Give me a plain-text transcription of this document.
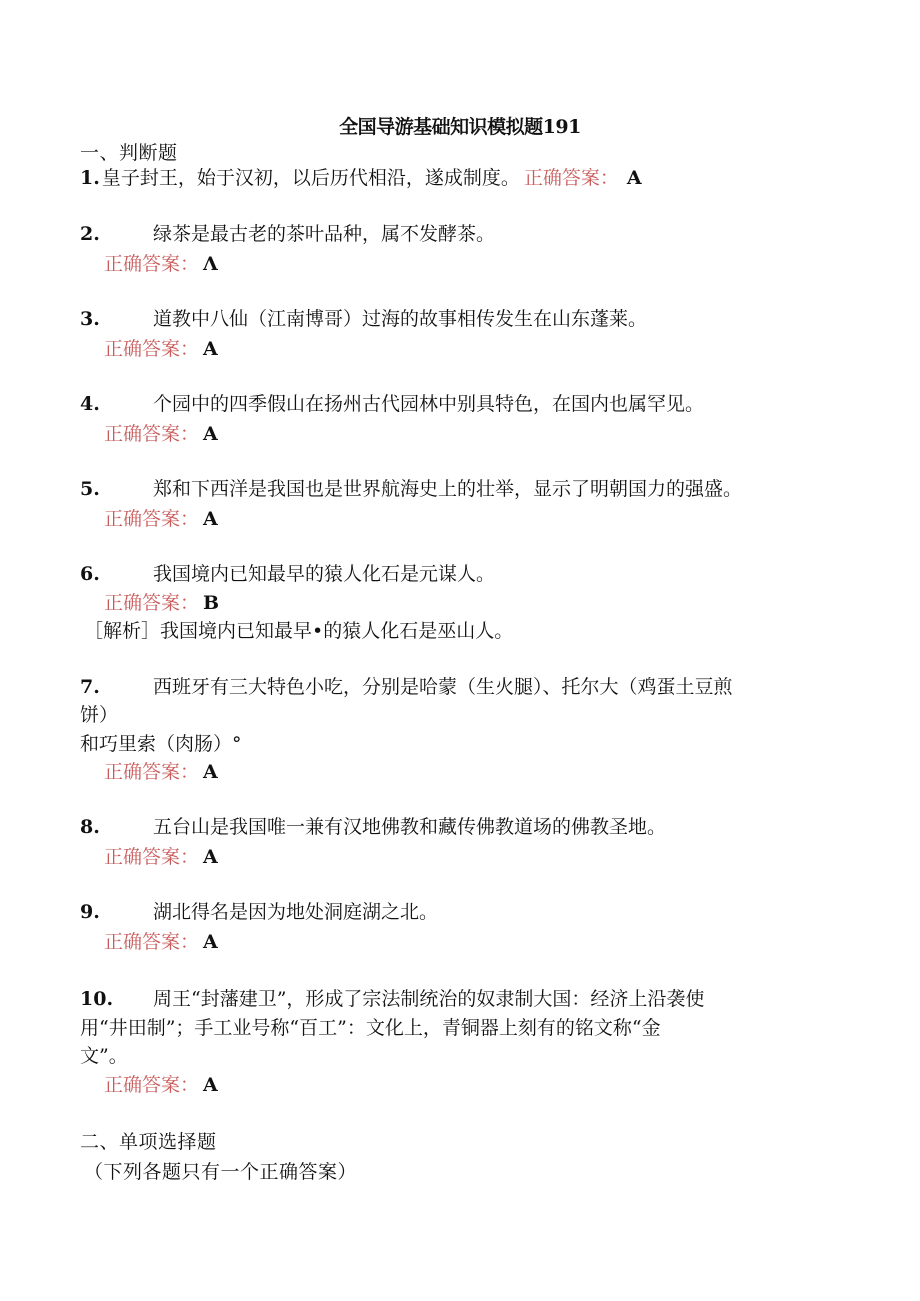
全国导游基础知识模拟题191
一、判断题
1. 皇子封王，始于汉初，以后历代相沿，遂成制度。 正确答案： A
2.	绿茶是最古老的茶叶品种，属不发酵茶。
正确答案： Λ
3.	道教中八仙（江南博哥）过海的故事相传发生在山东蓬莱。
正确答案： A
4.	个园中的四季假山在扬州古代园林中别具特色，在国内也属罕见。
正确答案： A
5.	郑和下西洋是我国也是世界航海史上的壮举，显示了明朝国力的强盛。
正确答案： A
6.	我国境内已知最早的猿人化石是元谋人。
正确答案： B
［解析］我国境内已知最早•的猿人化石是巫山人。
7.	西班牙有三大特色小吃，分别是哈蒙（生火腿）、托尔大（鸡蛋土豆煎
饼）
和巧里索（肉肠）°
正确答案： A
8.	五台山是我国唯一兼有汉地佛教和藏传佛教道场的佛教圣地。
正确答案： A
9.	湖北得名是因为地处洞庭湖之北。
正确答案： A
10. 周王“封藩建卫”，形成了宗法制统治的奴隶制大国：经济上沿袭使
用“井田制”；手工业号称“百工”：文化上，青铜器上刻有的铭文称“金
文”。
正确答案： A
二、单项选择题
（下列各题只有一个正确答案）
